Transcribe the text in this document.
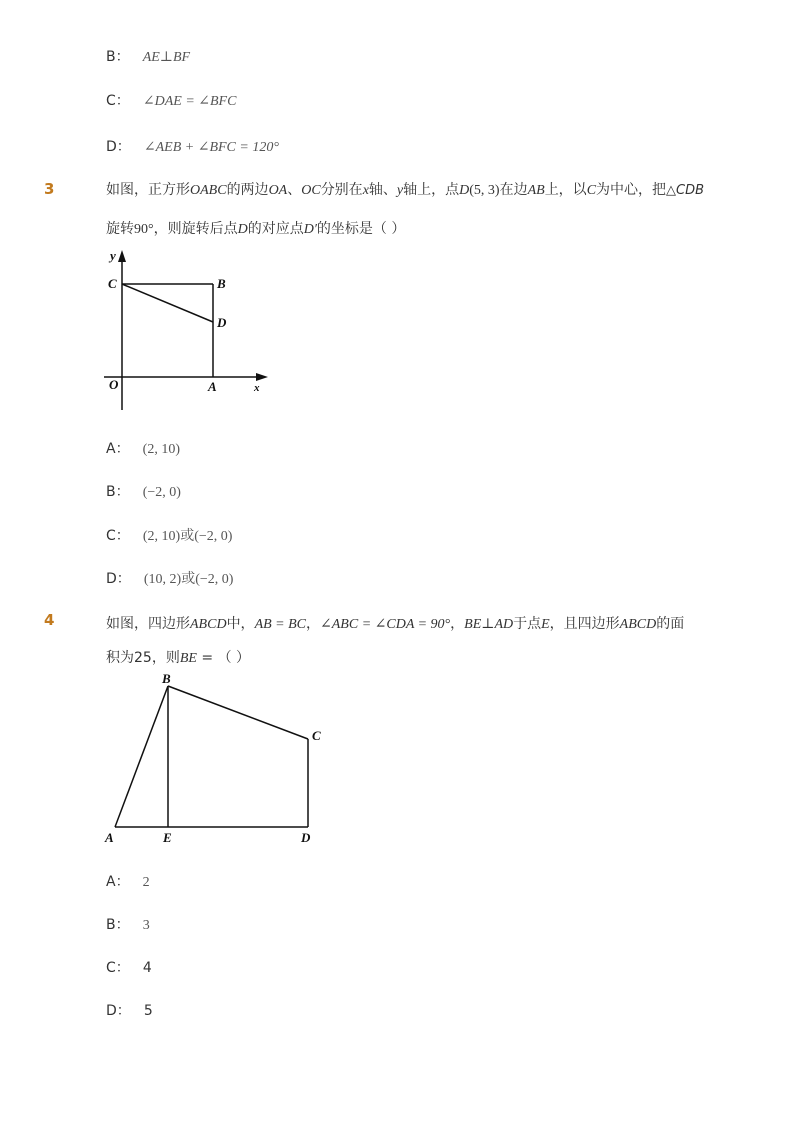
B： AE⊥BF
C： ∠DAE = ∠BFC
D： ∠AEB + ∠BFC = 120°
3	如图，正方形OABC的两边OA、OC分别在x轴、y轴上，点D(5, 3)在边AB上，以C为中心，把△CDB
旋转90°，则旋转后点D的对应点D′的坐标是（ ）
y
C	B
D
O	A	x
A： (2, 10)
B： (−2, 0)
C： (2, 10)或(−2, 0)
D： (10, 2)或(−2, 0)
4	如图，四边形ABCD中，AB = BC，∠ABC = ∠CDA = 90°，BE⊥AD于点E，且四边形ABCD的面
积为25，则BE = （ ）
B
C
A	E	D
A： 2
B： 3
C： 4
D： 5
